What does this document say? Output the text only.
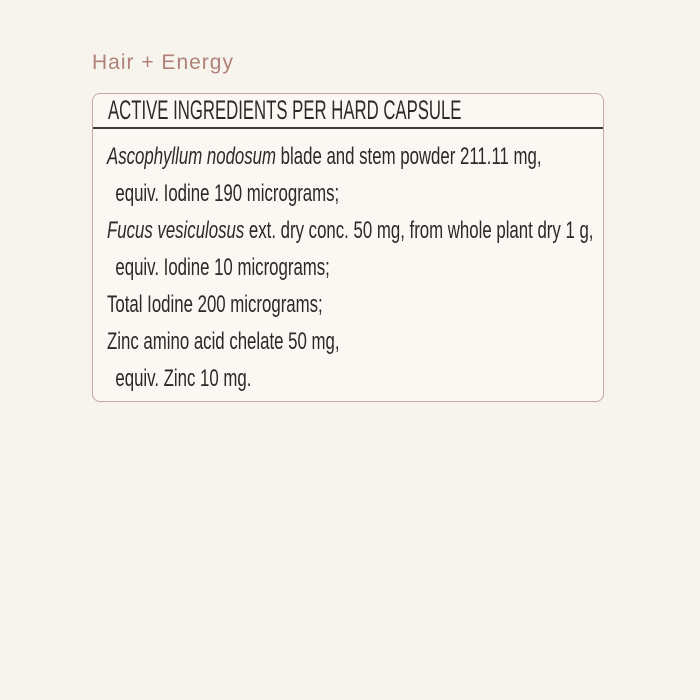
Hair + Energy
ACTIVE INGREDIENTS PER HARD CAPSULE
Ascophyllum nodosum blade and stem powder 211.11 mg,
equiv. Iodine 190 micrograms;
Fucus vesiculosus ext. dry conc. 50 mg, from whole plant dry 1 g,
equiv. Iodine 10 micrograms;
Total Iodine 200 micrograms;
Zinc amino acid chelate 50 mg,
equiv. Zinc 10 mg.
